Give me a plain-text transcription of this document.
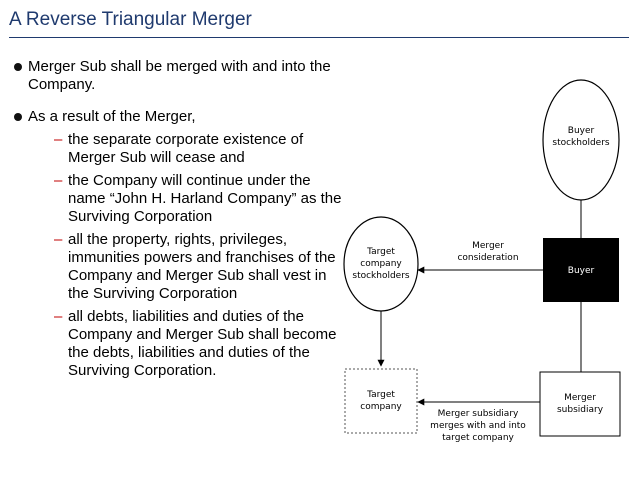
A Reverse Triangular Merger
Merger Sub shall be merged with and into the Company.
As a result of the Merger,
– the separate corporate existence of Merger Sub will cease and
– the Company will continue under the name “John H. Harland Company” as the Surviving Corporation
– all the property, rights, privileges, immunities powers and franchises of the Company and Merger Sub shall vest in the Surviving Corporation
– all debts, liabilities and duties of the Company and Merger Sub shall become the debts, liabilities and duties of the Surviving Corporation.
Buyer
stockholders
Target
company
stockholders	Buyer
Target
company
Merger
subsidiary
Merger
consideration
Merger subsidiary
merges with and into
target company
